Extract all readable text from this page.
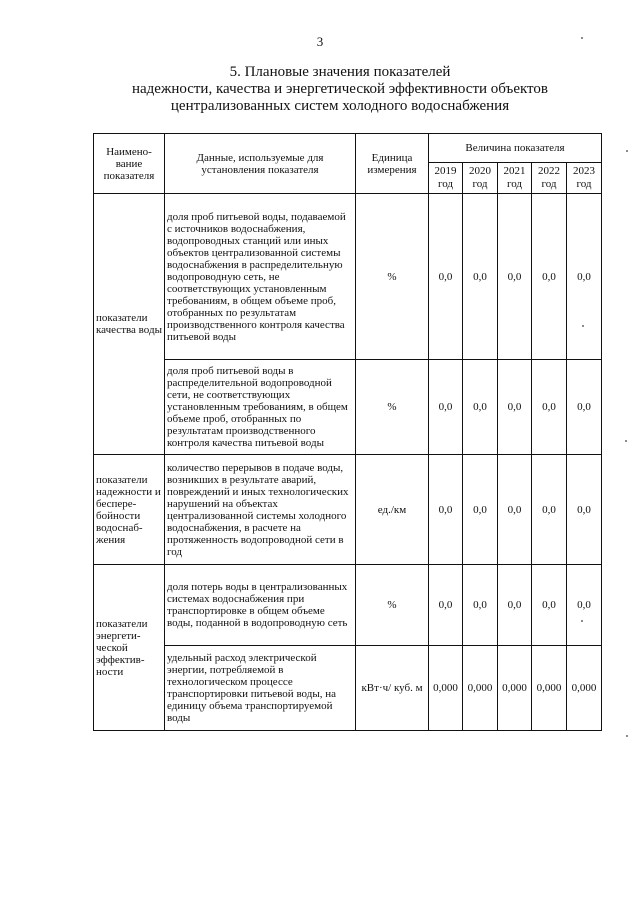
3
5. Плановые значения показателей
надежности, качества и энергетической эффективности объектов
централизованных систем холодного водоснабжения
Наимено- вание показателя	Данные, используемые для установления показателя	Единица измерения	Величина показателя				
			2019 год	2020 год	2021 год	2022 год	2023 год
показатели качества воды	доля проб питьевой воды, подаваемой с источников водоснабжения, водопроводных станций или иных объектов централизованной системы водоснабжения в распределительную водопроводную сеть, не соответствующих установленным требованиям, в общем объеме проб, отобранных по результатам производственного контроля качества питьевой воды	%	0,0	0,0	0,0	0,0	0,0
	доля проб питьевой воды в распределительной водопроводной сети, не соответствующих установленным требованиям, в общем объеме проб, отобранных по результатам производственного контроля качества питьевой воды	%	0,0	0,0	0,0	0,0	0,0
показатели надежности и беспере-бойности водоснаб-жения	количество перерывов в подаче воды, возникших в результате аварий, повреждений и иных технологических нарушений на объектах централизованной системы холодного водоснабжения, в расчете на протяженность водопроводной сети в год	ед./км	0,0	0,0	0,0	0,0	0,0
показатели энергети-ческой эффектив-ности	доля потерь воды в централизованных системах водоснабжения при транспортировке в общем объеме воды, поданной в водопроводную сеть	%	0,0	0,0	0,0	0,0	0,0
	удельный расход электрической энергии, потребляемой в технологическом процессе транспортировки питьевой воды, на единицу объема транспортируемой воды	кВт·ч/ куб. м	0,000	0,000	0,000	0,000	0,000
